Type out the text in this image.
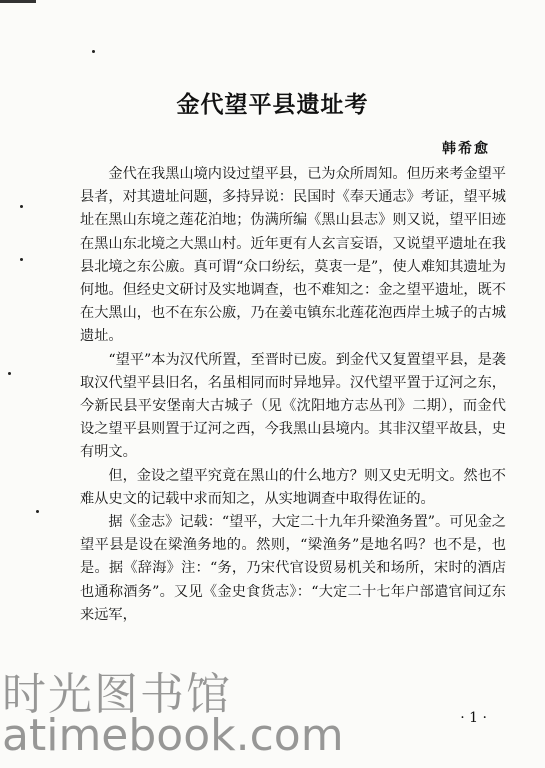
金代望平县遗址考
韩希愈

金代在我黑山境内设过望平县，已为众所周知。但历来考金望平县者，对其遗址问题，多持异说：民国时《奉天通志》考证，望平城址在黑山东境之莲花泊地；伪满所编《黑山县志》则又说，望平旧迹在黑山东北境之大黑山村。近年更有人玄言妄语，又说望平遗址在我县北境之东公廒。真可谓“众口纷纭，莫衷一是”，使人难知其遗址为何地。但经史文研讨及实地调查，也不难知之：金之望平遗址，既不在大黑山，也不在东公廒，乃在姜屯镇东北莲花泡西岸土城子的古城遗址。

“望平”本为汉代所置，至晋时已废。到金代又复置望平县，是袭取汉代望平县旧名，名虽相同而时异地异。汉代望平置于辽河之东，今新民县平安堡南大古城子（见《沈阳地方志丛刊》二期），而金代设之望平县则置于辽河之西，今我黑山县境内。其非汉望平故县，史有明文。

但，金设之望平究竟在黑山的什么地方？则又史无明文。然也不难从史文的记载中求而知之，从实地调查中取得佐证的。

据《金志》记载：“望平，大定二十九年升梁渔务置”。可见金之望平县是设在梁渔务地的。然则，“梁渔务”是地名吗？也不是，也是。据《辞海》注：“务，乃宋代官设贸易机关和场所，宋时的酒店也通称酒务”。又见《金史食货志》：“大定二十七年户部遣官间辽东来远军，

· 1 ·
时光图书馆
atimebook.com
